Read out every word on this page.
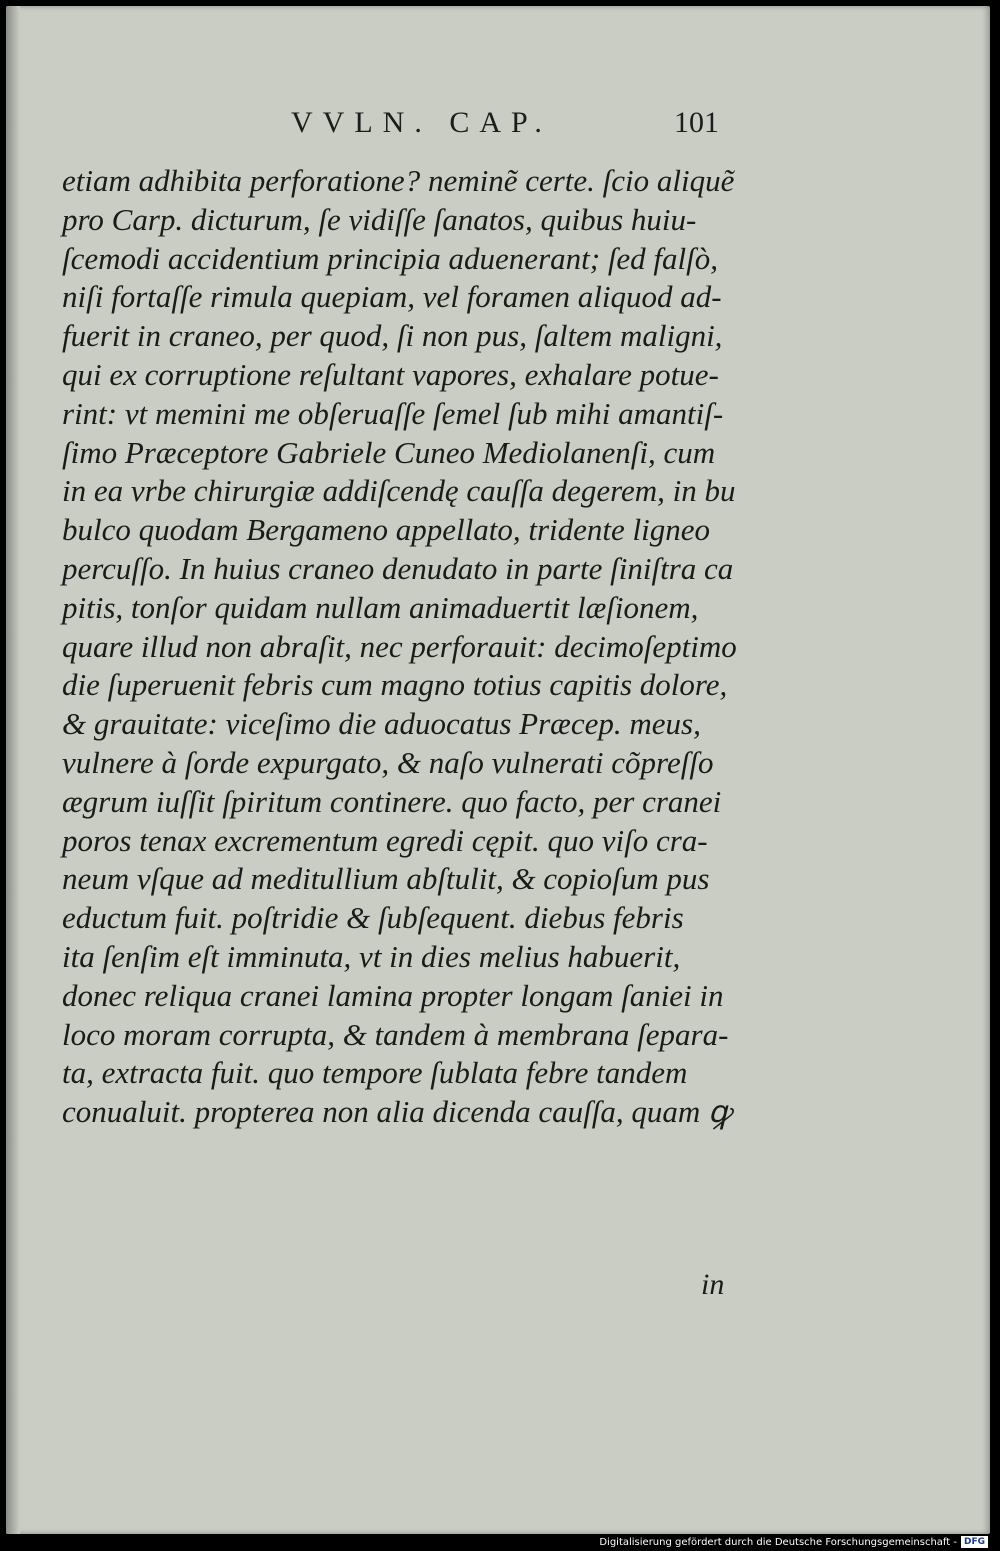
VVLN. CAP.	101
etiam adhibita perforatione? neminẽ certe. ſcio aliquẽ
pro Carp. dicturum, ſe vidiſſe ſanatos, quibus huiu-
ſcemodi accidentium principia aduenerant; ſed falſò,
niſi fortaſſe rimula quepiam, vel foramen aliquod ad-
fuerit in craneo, per quod, ſi non pus, ſaltem maligni,
qui ex corruptione reſultant vapores, exhalare potue-
rint: vt memini me obſeruaſſe ſemel ſub mihi amantiſ-
ſimo Præceptore Gabriele Cuneo Mediolanenſi, cum
in ea vrbe chirurgiæ addiſcendę cauſſa degerem, in bu
bulco quodam Bergameno appellato, tridente ligneo
percuſſo. In huius craneo denudato in parte ſiniſtra ca
pitis, tonſor quidam nullam animaduertit læſionem,
quare illud non abraſit, nec perforauit: decimoſeptimo
die ſuperuenit febris cum magno totius capitis dolore,
& grauitate: viceſimo die aduocatus Præcep. meus,
vulnere à ſorde expurgato, & naſo vulnerati cõpreſſo
ægrum iuſſit ſpiritum continere. quo facto, per cranei
poros tenax excrementum egredi cępit. quo viſo cra-
neum vſque ad meditullium abſtulit, & copioſum pus
eductum fuit. poſtridie & ſubſequent. diebus febris
ita ſenſim eſt imminuta, vt in dies melius habuerit,
donec reliqua cranei lamina propter longam ſaniei in
loco moram corrupta, & tandem à membrana ſepara-
ta, extracta fuit. quo tempore ſublata febre tandem
conualuit. propterea non alia dicenda cauſſa, quam ꝙ
in
Digitalisierung gefördert durch die Deutsche Forschungsgemeinschaft - DFG
